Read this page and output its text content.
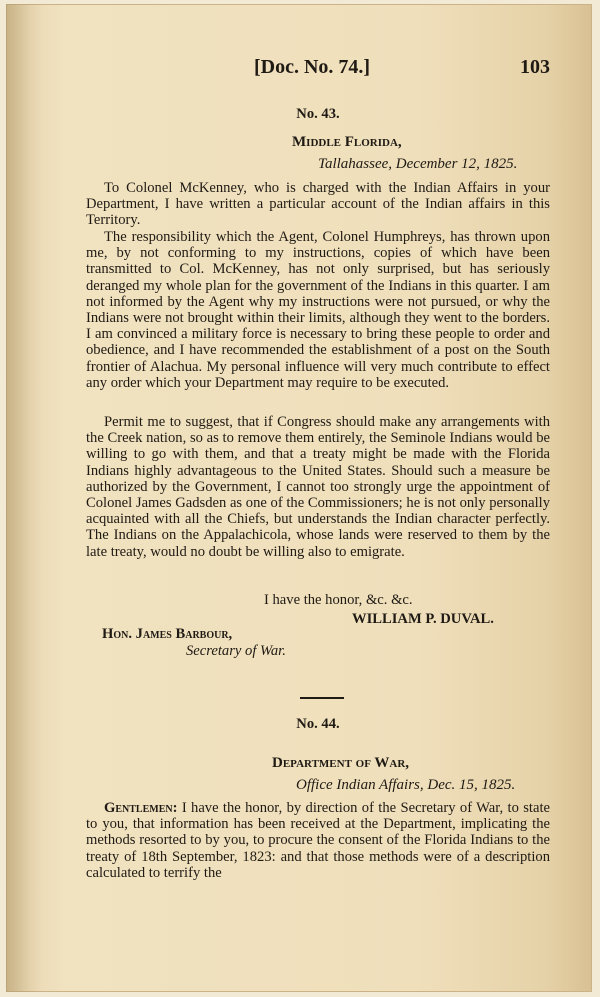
[Doc. No. 74.]	103
No. 43.
Middle Florida,
Tallahassee, December 12, 1825.
To Colonel McKenney, who is charged with the Indian Affairs in your Department, I have written a particular account of the Indian affairs in this Territory.
The responsibility which the Agent, Colonel Humphreys, has thrown upon me, by not conforming to my instructions, copies of which have been transmitted to Col. McKenney, has not only surprised, but has seriously deranged my whole plan for the government of the Indians in this quarter. I am not informed by the Agent why my instructions were not pursued, or why the Indians were not brought within their limits, although they went to the borders. I am convinced a military force is necessary to bring these people to order and obedience, and I have recommended the establishment of a post on the South frontier of Alachua. My personal influence will very much contribute to effect any order which your Department may require to be executed.
Permit me to suggest, that if Congress should make any arrangements with the Creek nation, so as to remove them entirely, the Seminole Indians would be willing to go with them, and that a treaty might be made with the Florida Indians highly advantageous to the United States. Should such a measure be authorized by the Government, I cannot too strongly urge the appointment of Colonel James Gadsden as one of the Commissioners; he is not only personally acquainted with all the Chiefs, but understands the Indian character perfectly. The Indians on the Appalachicola, whose lands were reserved to them by the late treaty, would no doubt be willing also to emigrate.
I have the honor, &c. &c.
WILLIAM P. DUVAL.
Hon. James Barbour,
Secretary of War.
No. 44.
Department of War,
Office Indian Affairs, Dec. 15, 1825.
Gentlemen: I have the honor, by direction of the Secretary of War, to state to you, that information has been received at the Department, implicating the methods resorted to by you, to procure the consent of the Florida Indians to the treaty of 18th September, 1823: and that those methods were of a description calculated to terrify the
